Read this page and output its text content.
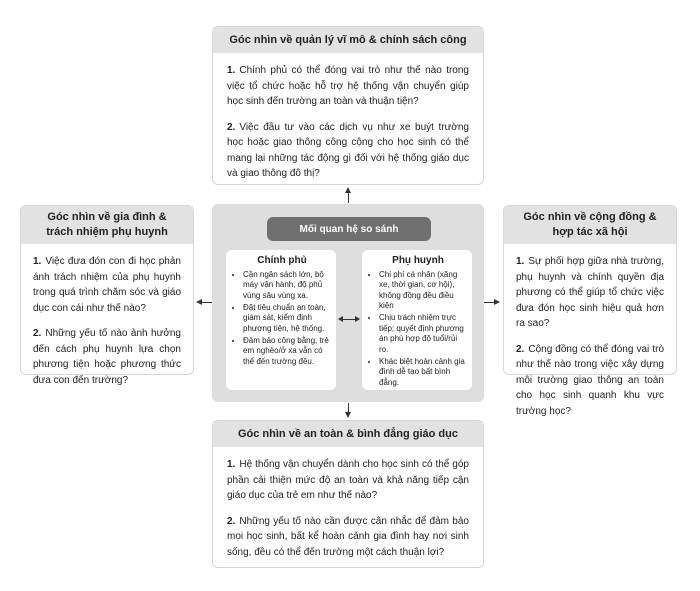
Góc nhìn về quản lý vĩ mô & chính sách công

1. Chính phủ có thể đóng vai trò như thế nào trong việc tổ chức hoặc hỗ trợ hệ thống vận chuyển giúp học sinh đến trường an toàn và thuận tiện?

2. Việc đầu tư vào các dịch vụ như xe buýt trường học hoặc giao thông công cộng cho học sinh có thể mang lại những tác động gì đối với hệ thống giáo dục và giao thông đô thị?

Góc nhìn về gia đình &
trách nhiệm phụ huynh

1. Việc đưa đón con đi học phản ánh trách nhiệm của phụ huynh trong quá trình chăm sóc và giáo dục con cái như thế nào?

2. Những yếu tố nào ảnh hưởng đến cách phụ huynh lựa chọn phương tiện hoặc phương thức đưa con đến trường?

Góc nhìn về cộng đồng &
hợp tác xã hội

1. Sự phối hợp giữa nhà trường, phụ huynh và chính quyền địa phương có thể giúp tổ chức việc đưa đón học sinh hiệu quả hơn ra sao?

2. Cộng đồng có thể đóng vai trò như thế nào trong việc xây dựng môi trường giao thông an toàn cho học sinh quanh khu vực trường học?

Góc nhìn về an toàn & bình đẳng giáo dục

1. Hệ thống vận chuyển dành cho học sinh có thể góp phần cải thiện mức độ an toàn và khả năng tiếp cận giáo dục của trẻ em như thế nào?

2. Những yếu tố nào cần được cân nhắc để đảm bảo mọi học sinh, bất kể hoàn cảnh gia đình hay nơi sinh sống, đều có thể đến trường một cách thuận lợi?

Mối quan hệ so sánh
Chính phủ
• Cần ngân sách lớn, bộ máy vận hành, độ phủ vùng sâu vùng xa.
• Đặt tiêu chuẩn an toàn, giám sát, kiểm định phương tiện, hệ thống.
• Đảm bảo công bằng, trẻ em nghèo/ở xa vẫn có thể đến trường đều.
Phụ huynh
• Chi phí cá nhân (xăng xe, thời gian, cơ hội), không đồng đều điều kiện
• Chịu trách nhiệm trực tiếp; quyết định phương án phù hợp độ tuổi/rủi ro.
• Khác biệt hoàn cảnh gia đình dễ tạo bất bình đẳng.
